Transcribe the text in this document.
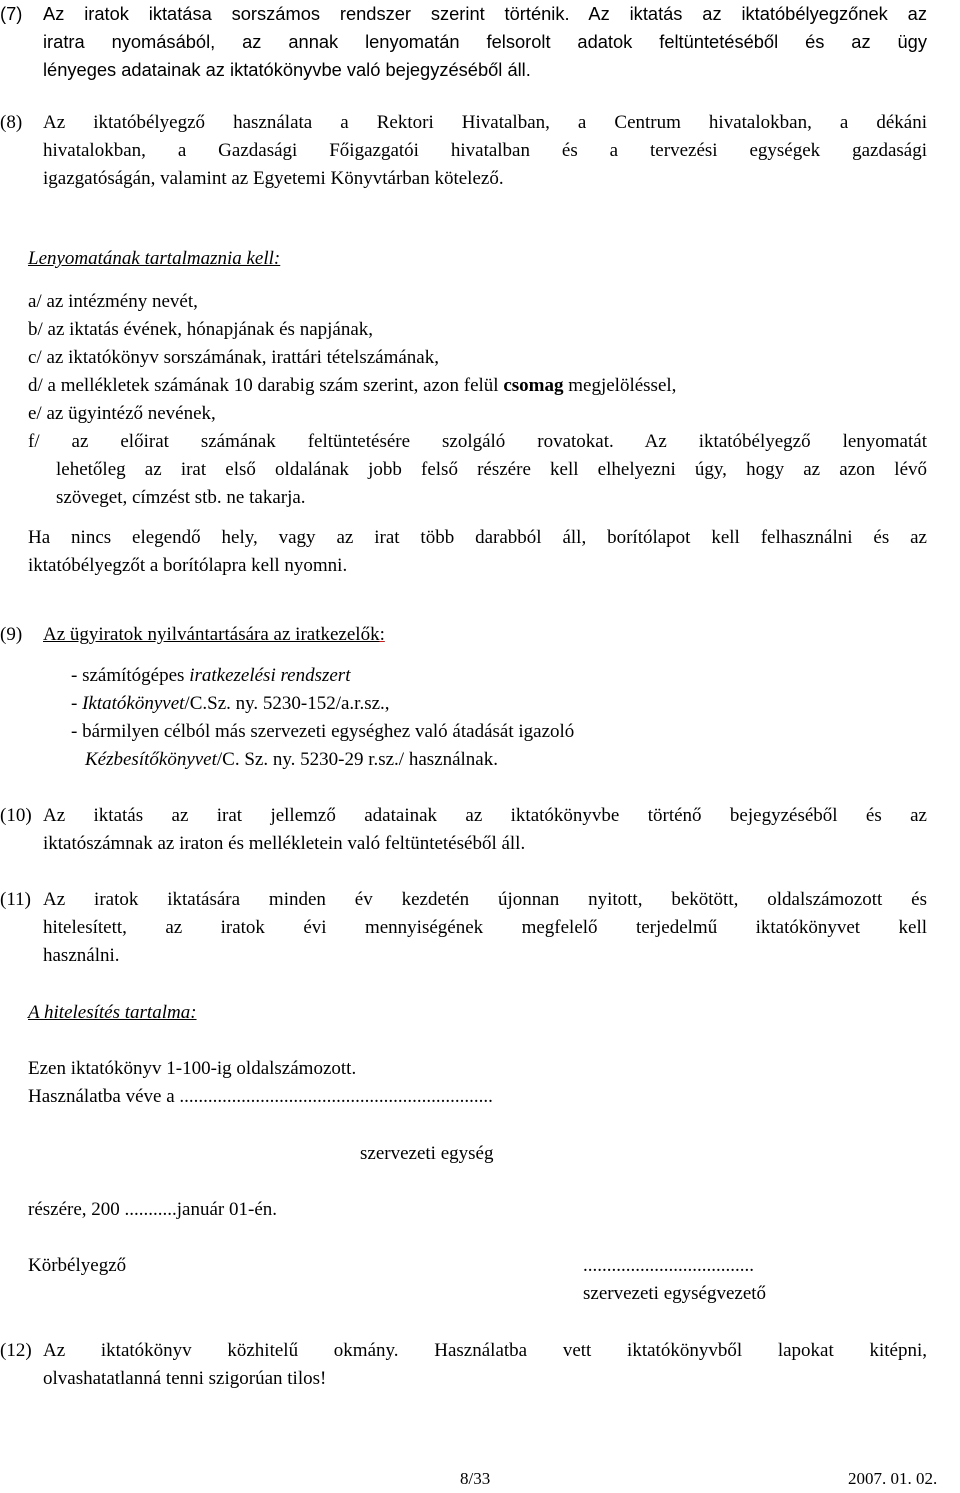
(7) Az iratok iktatása sorszámos rendszer szerint történik. Az iktatás az iktatóbélyegzőnek az
iratra nyomásából, az annak lenyomatán felsorolt adatok feltüntetéséből és az ügy
lényeges adatainak az iktatókönyvbe való bejegyzéséből áll.
(8) Az iktatóbélyegző használata a Rektori Hivatalban, a Centrum hivatalokban, a dékáni
hivatalokban, a Gazdasági Főigazgatói hivatalban és a tervezési egységek gazdasági
igazgatóságán, valamint az Egyetemi Könyvtárban kötelező.
Lenyomatának tartalmaznia kell:
a/ az intézmény nevét,
b/ az iktatás évének, hónapjának és napjának,
c/ az iktatókönyv sorszámának, irattári tételszámának,
d/ a mellékletek számának 10 darabig szám szerint, azon felül csomag megjelöléssel,
e/ az ügyintéző nevének,
f/ az előirat számának feltüntetésére szolgáló rovatokat. Az iktatóbélyegző lenyomatát
lehetőleg az irat első oldalának jobb felső részére kell elhelyezni úgy, hogy az azon lévő
szöveget, címzést stb. ne takarja.
Ha nincs elegendő hely, vagy az irat több darabból áll, borítólapot kell felhasználni és az
iktatóbélyegzőt a borítólapra kell nyomni.
(9) Az ügyiratok nyilvántartására az iratkezelők:
- számítógépes iratkezelési rendszert
- Iktatókönyvet/C.Sz. ny. 5230-152/a.r.sz.,
- bármilyen célból más szervezeti egységhez való átadását igazoló
Kézbesítőkönyvet/C. Sz. ny. 5230-29 r.sz./ használnak.
(10) Az iktatás az irat jellemző adatainak az iktatókönyvbe történő bejegyzéséből és az
iktatószámnak az iraton és mellékletein való feltüntetéséből áll.
(11) Az iratok iktatására minden év kezdetén újonnan nyitott, bekötött, oldalszámozott és
hitelesített, az iratok évi mennyiségének megfelelő terjedelmű iktatókönyvet kell
használni.
A hitelesítés tartalma:
Ezen iktatókönyv 1-100-ig oldalszámozott.
Használatba véve a ..................................................................
szervezeti egység
részére, 200 ...........január 01-én.
Körbélyegző	....................................
szervezeti egységvezető
(12) Az iktatókönyv közhitelű okmány. Használatba vett iktatókönyvből lapokat kitépni,
olvashatatlanná tenni szigorúan tilos!
8/33	2007. 01. 02.
